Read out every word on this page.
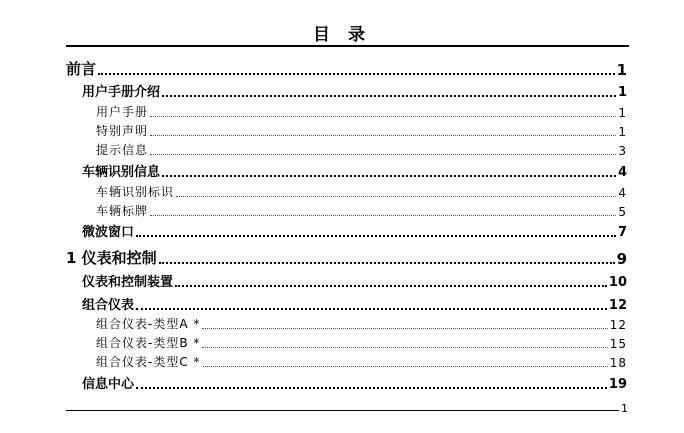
目 录
前言	1
用户手册介绍	1
用户手册	1
特别声明	1
提示信息	3
车辆识别信息	4
车辆识别标识	4
车辆标牌	5
微波窗口	7
1 仪表和控制	9
仪表和控制装置	10
组合仪表	12
组合仪表-类型A *	12
组合仪表-类型B *	15
组合仪表-类型C *	18
信息中心	19
1
